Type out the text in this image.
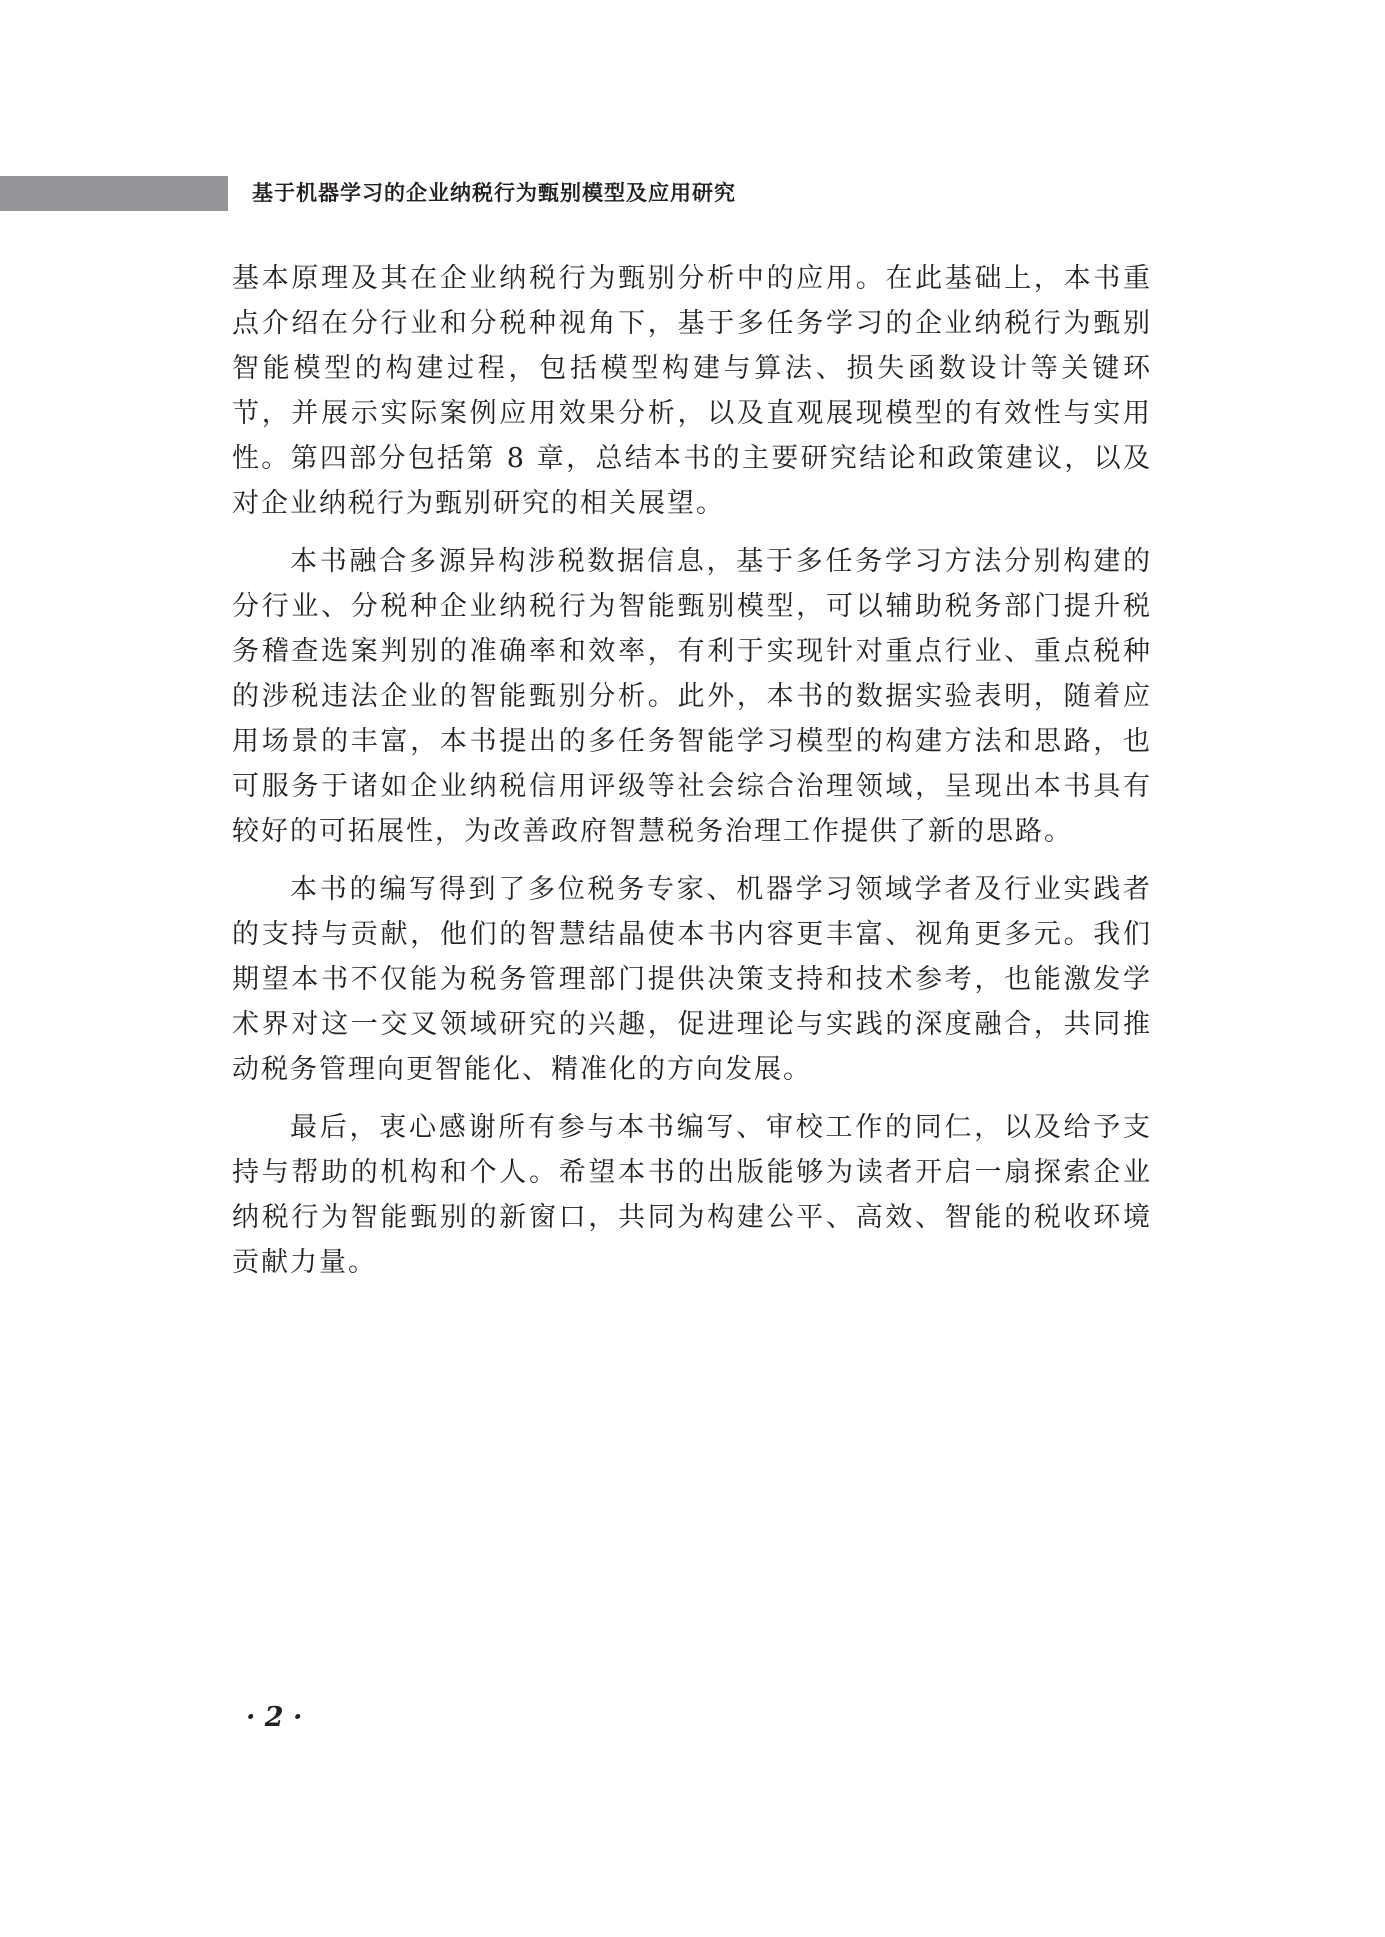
基于机器学习的企业纳税行为甄别模型及应用研究

基本原理及其在企业纳税行为甄别分析中的应用。在此基础上，本书重
点介绍在分行业和分税种视角下，基于多任务学习的企业纳税行为甄别
智能模型的构建过程，包括模型构建与算法、损失函数设计等关键环
节，并展示实际案例应用效果分析，以及直观展现模型的有效性与实用
性。第四部分包括第 8 章，总结本书的主要研究结论和政策建议，以及
对企业纳税行为甄别研究的相关展望。

本书融合多源异构涉税数据信息，基于多任务学习方法分别构建的
分行业、分税种企业纳税行为智能甄别模型，可以辅助税务部门提升税
务稽查选案判别的准确率和效率，有利于实现针对重点行业、重点税种
的涉税违法企业的智能甄别分析。此外，本书的数据实验表明，随着应
用场景的丰富，本书提出的多任务智能学习模型的构建方法和思路，也
可服务于诸如企业纳税信用评级等社会综合治理领域，呈现出本书具有
较好的可拓展性，为改善政府智慧税务治理工作提供了新的思路。

本书的编写得到了多位税务专家、机器学习领域学者及行业实践者
的支持与贡献，他们的智慧结晶使本书内容更丰富、视角更多元。我们
期望本书不仅能为税务管理部门提供决策支持和技术参考，也能激发学
术界对这一交叉领域研究的兴趣，促进理论与实践的深度融合，共同推
动税务管理向更智能化、精准化的方向发展。

最后，衷心感谢所有参与本书编写、审校工作的同仁，以及给予支
持与帮助的机构和个人。希望本书的出版能够为读者开启一扇探索企业
纳税行为智能甄别的新窗口，共同为构建公平、高效、智能的税收环境
贡献力量。

· 2 ·
